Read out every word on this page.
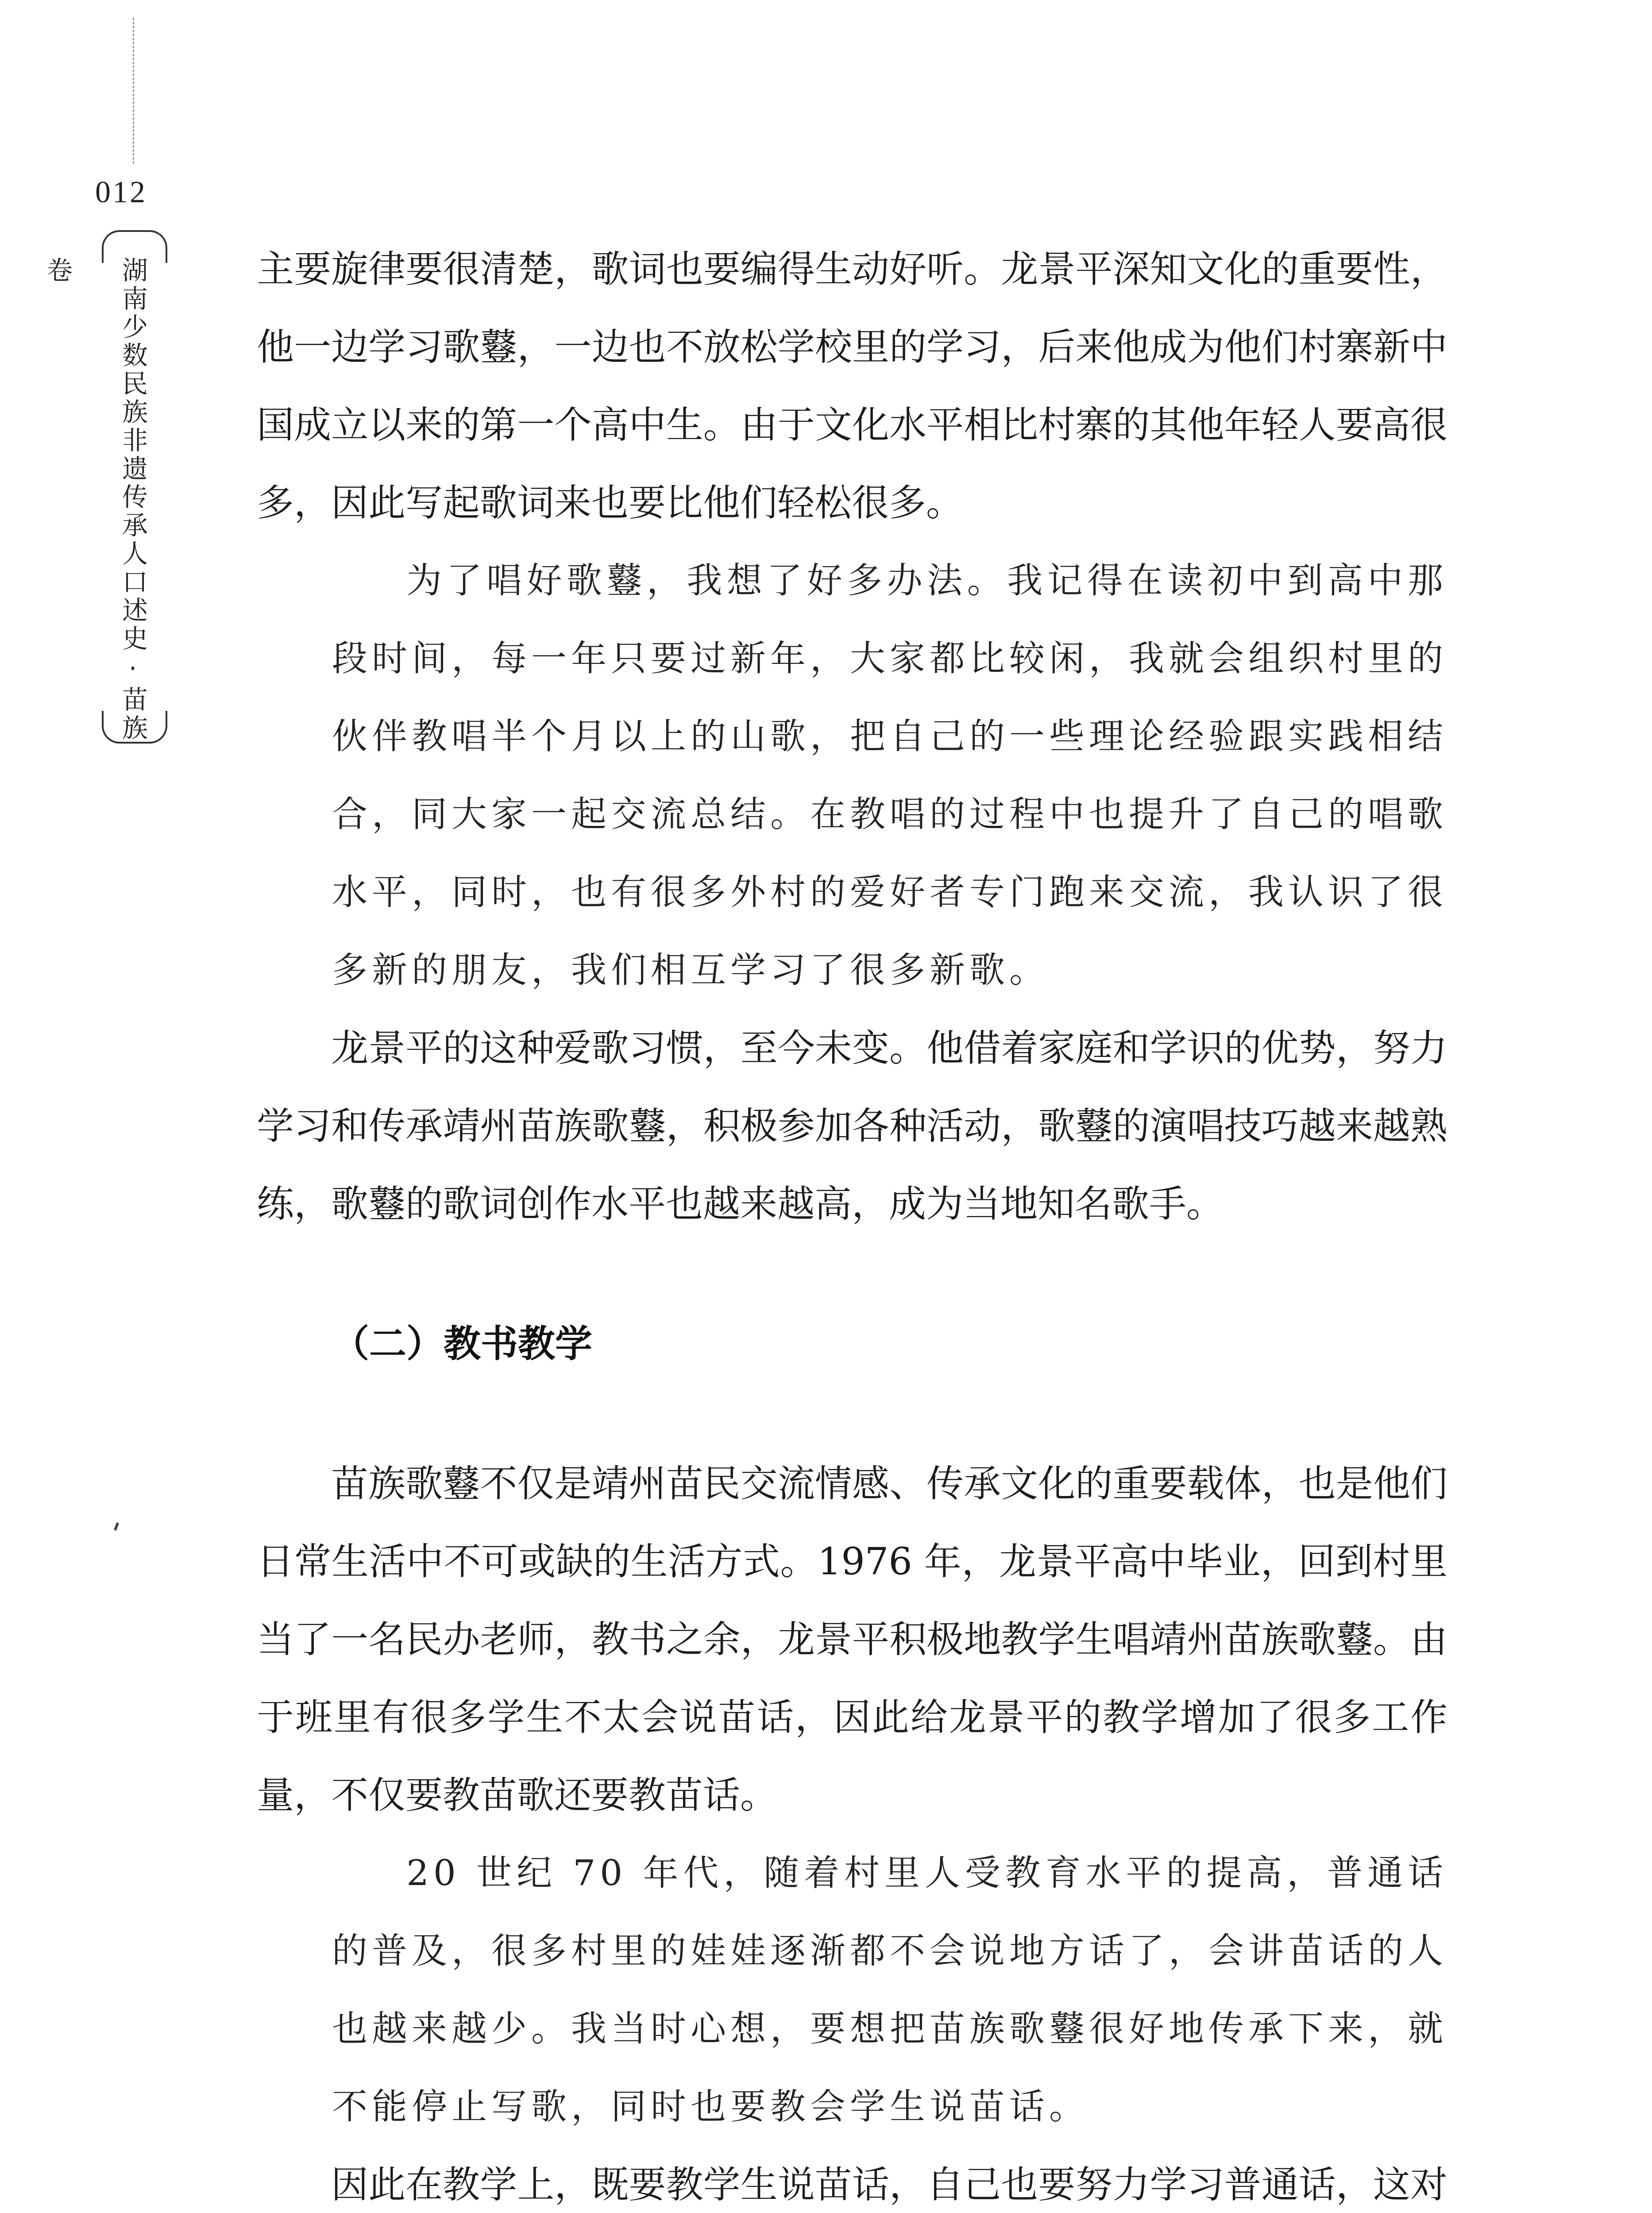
012
湖南少数民族非遗传承人口述史·苗族卷	主要旋律要很清楚，歌词也要编得生动好听。龙景平深知文化的重要性，他一边学习歌鼟，一边也不放松学校里的学习，后来他成为他们村寨新中国成立以来的第一个高中生。由于文化水平相比村寨的其他年轻人要高很多，因此写起歌词来也要比他们轻松很多。

为了唱好歌鼟，我想了好多办法。我记得在读初中到高中那段时间，每一年只要过新年，大家都比较闲，我就会组织村里的伙伴教唱半个月以上的山歌，把自己的一些理论经验跟实践相结合，同大家一起交流总结。在教唱的过程中也提升了自己的唱歌水平，同时，也有很多外村的爱好者专门跑来交流，我认识了很多新的朋友，我们相互学习了很多新歌。

龙景平的这种爱歌习惯，至今未变。他借着家庭和学识的优势，努力学习和传承靖州苗族歌鼟，积极参加各种活动，歌鼟的演唱技巧越来越熟练，歌鼟的歌词创作水平也越来越高，成为当地知名歌手。

（二）教书教学

苗族歌鼟不仅是靖州苗民交流情感、传承文化的重要载体，也是他们日常生活中不可或缺的生活方式。1976 年，龙景平高中毕业，回到村里当了一名民办老师，教书之余，龙景平积极地教学生唱靖州苗族歌鼟。由于班里有很多学生不太会说苗话，因此给龙景平的教学增加了很多工作量，不仅要教苗歌还要教苗话。

20 世纪 70 年代，随着村里人受教育水平的提高，普通话的普及，很多村里的娃娃逐渐都不会说地方话了，会讲苗话的人也越来越少。我当时心想，要想把苗族歌鼟很好地传承下来，就不能停止写歌，同时也要教会学生说苗话。

因此在教学上，既要教学生说苗话，自己也要努力学习普通话，这对
